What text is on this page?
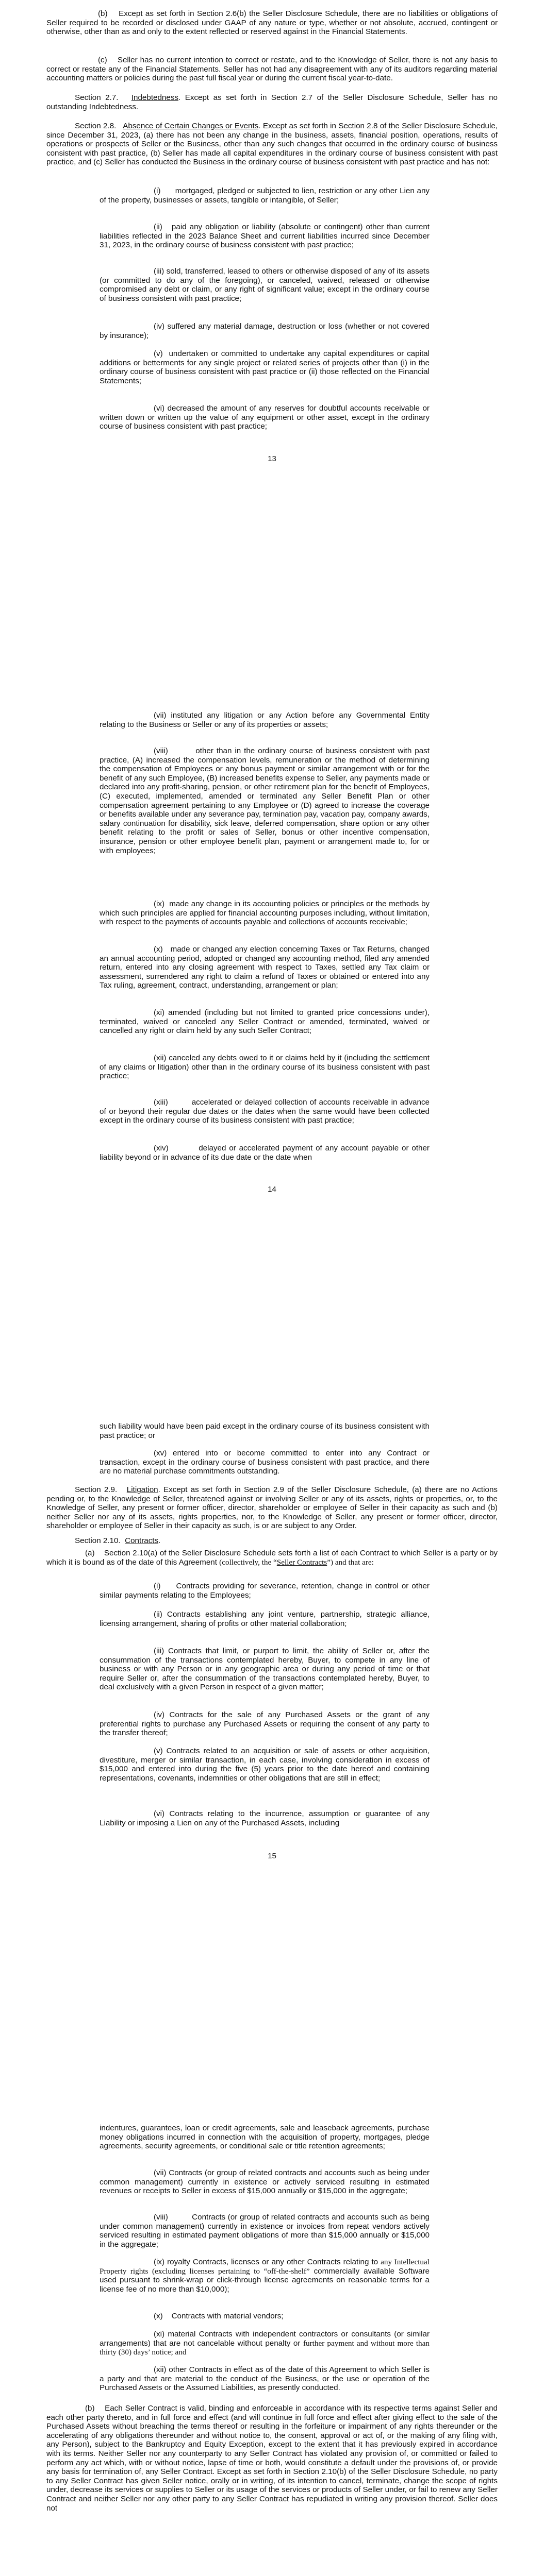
(b)    Except as set forth in Section 2.6(b) the Seller Disclosure Schedule, there are no liabilities or obligations of Seller required to be recorded or disclosed under GAAP of any nature or type, whether or not absolute, accrued, contingent or otherwise, other than as and only to the extent reflected or reserved against in the Financial Statements.

(c)    Seller has no current intention to correct or restate, and to the Knowledge of Seller, there is not any basis to correct or restate any of the Financial Statements. Seller has not had any disagreement with any of its auditors regarding material accounting matters or policies during the past full fiscal year or during the current fiscal year-to-date.

Section 2.7.   Indebtedness. Except as set forth in Section 2.7 of the Seller Disclosure Schedule, Seller has no outstanding Indebtedness.

Section 2.8.   Absence of Certain Changes or Events. Except as set forth in Section 2.8 of the Seller Disclosure Schedule, since December 31, 2023, (a) there has not been any change in the business, assets, financial position, operations, results of operations or prospects of Seller or the Business, other than any such changes that occurred in the ordinary course of business consistent with past practice, (b) Seller has made all capital expenditures in the ordinary course of business consistent with past practice, and (c) Seller has conducted the Business in the ordinary course of business consistent with past practice and has not:

(i)      mortgaged, pledged or subjected to lien, restriction or any other Lien any of the property, businesses or assets, tangible or intangible, of Seller;

(ii)   paid any obligation or liability (absolute or contingent) other than current liabilities reflected in the 2023 Balance Sheet and current liabilities incurred since December 31, 2023, in the ordinary course of business consistent with past practice;

(iii) sold, transferred, leased to others or otherwise disposed of any of its assets (or committed to do any of the foregoing), or canceled, waived, released or otherwise compromised any debt or claim, or any right of significant value; except in the ordinary course of business consistent with past practice;

(iv) suffered any material damage, destruction or loss (whether or not covered by insurance);

(v)  undertaken or committed to undertake any capital expenditures or capital additions or betterments for any single project or related series of projects other than (i) in the ordinary course of business consistent with past practice or (ii) those reflected on the Financial Statements;

(vi) decreased the amount of any reserves for doubtful accounts receivable or written down or written up the value of any equipment or other asset, except in the ordinary course of business consistent with past practice;

13

(vii) instituted any litigation or any Action before any Governmental Entity relating to the Business or Seller or any of its properties or assets;

(viii)         other than in the ordinary course of business consistent with past practice, (A) increased the compensation levels, remuneration or the method of determining the compensation of Employees or any bonus payment or similar arrangement with or for the benefit of any such Employee, (B) increased benefits expense to Seller, any payments made or declared into any profit-sharing, pension, or other retirement plan for the benefit of Employees, (C) executed, implemented, amended or terminated any Seller Benefit Plan or other compensation agreement pertaining to any Employee or (D) agreed to increase the coverage or benefits available under any severance pay, termination pay, vacation pay, company awards, salary continuation for disability, sick leave, deferred compensation, share option or any other benefit relating to the profit or sales of Seller, bonus or other incentive compensation, insurance, pension or other employee benefit plan, payment or arrangement made to, for or with employees;

(ix)  made any change in its accounting policies or principles or the methods by which such principles are applied for financial accounting purposes including, without limitation, with respect to the payments of accounts payable and collections of accounts receivable;

(x)   made or changed any election concerning Taxes or Tax Returns, changed an annual accounting period, adopted or changed any accounting method, filed any amended return, entered into any closing agreement with respect to Taxes, settled any Tax claim or assessment, surrendered any right to claim a refund of Taxes or obtained or entered into any Tax ruling, agreement, contract, understanding, arrangement or plan;

(xi) amended (including but not limited to granted price concessions under), terminated, waived or canceled any Seller Contract or amended, terminated, waived or cancelled any right or claim held by any such Seller Contract;

(xii) canceled any debts owed to it or claims held by it (including the settlement of any claims or litigation) other than in the ordinary course of its business consistent with past practice;

(xiii)         accelerated or delayed collection of accounts receivable in advance of or beyond their regular due dates or the dates when the same would have been collected except in the ordinary course of its business consistent with past practice;

(xiv)          delayed or accelerated payment of any account payable or other liability beyond or in advance of its due date or the date when

14

such liability would have been paid except in the ordinary course of its business consistent with past practice; or

(xv) entered into or become committed to enter into any Contract or transaction, except in the ordinary course of business consistent with past practice, and there are no material purchase commitments outstanding.

Section 2.9.   Litigation. Except as set forth in Section 2.9 of the Seller Disclosure Schedule, (a) there are no Actions pending or, to the Knowledge of Seller, threatened against or involving Seller or any of its assets, rights or properties, or, to the Knowledge of Seller, any present or former officer, director, shareholder or employee of Seller in their capacity as such and (b) neither Seller nor any of its assets, rights properties, nor, to the Knowledge of Seller, any present or former officer, director, shareholder or employee of Seller in their capacity as such, is or are subject to any Order.

Section 2.10.  Contracts.

(a)    Section 2.10(a) of the Seller Disclosure Schedule sets forth a list of each Contract to which Seller is a party or by which it is bound as of the date of this Agreement (collectively, the “Seller Contracts”) and that are:

(i)     Contracts providing for severance, retention, change in control or other similar payments relating to the Employees;

(ii) Contracts establishing any joint venture, partnership, strategic alliance, licensing arrangement, sharing of profits or other material collaboration;

(iii) Contracts that limit, or purport to limit, the ability of Seller or, after the consummation of the transactions contemplated hereby, Buyer, to compete in any line of business or with any Person or in any geographic area or during any period of time or that require Seller or, after the consummation of the transactions contemplated hereby, Buyer, to deal exclusively with a given Person in respect of a given matter;

(iv) Contracts for the sale of any Purchased Assets or the grant of any preferential rights to purchase any Purchased Assets or requiring the consent of any party to the transfer thereof;

(v) Contracts related to an acquisition or sale of assets or other acquisition, divestiture, merger or similar transaction, in each case, involving consideration in excess of $15,000 and entered into during the five (5) years prior to the date hereof and containing representations, covenants, indemnities or other obligations that are still in effect;

(vi) Contracts relating to the incurrence, assumption or guarantee of any Liability or imposing a Lien on any of the Purchased Assets, including

15

indentures, guarantees, loan or credit agreements, sale and leaseback agreements, purchase money obligations incurred in connection with the acquisition of property, mortgages, pledge agreements, security agreements, or conditional sale or title retention agreements;

(vii) Contracts (or group of related contracts and accounts such as being under common management) currently in existence or actively serviced resulting in estimated revenues or receipts to Seller in excess of $15,000 annually or $15,000 in the aggregate;

(viii)          Contracts (or group of related contracts and accounts such as being under common management) currently in existence or invoices from repeat vendors actively serviced resulting in estimated payment obligations of more than $15,000 annually or $15,000 in the aggregate;

(ix) royalty Contracts, licenses or any other Contracts relating to any Intellectual Property rights (excluding licenses pertaining to “off-the-shelf” commercially available Software used pursuant to shrink-wrap or click-through license agreements on reasonable terms for a license fee of no more than $10,000);

(x)    Contracts with material vendors;

(xi) material Contracts with independent contractors or consultants (or similar arrangements) that are not cancelable without penalty or further payment and without more than thirty (30) days’ notice; and

(xii) other Contracts in effect as of the date of this Agreement to which Seller is a party and that are material to the conduct of the Business, or the use or operation of the Purchased Assets or the Assumed Liabilities, as presently conducted.

(b)    Each Seller Contract is valid, binding and enforceable in accordance with its respective terms against Seller and each other party thereto, and in full force and effect (and will continue in full force and effect after giving effect to the sale of the Purchased Assets without breaching the terms thereof or resulting in the forfeiture or impairment of any rights thereunder or the accelerating of any obligations thereunder and without notice to, the consent, approval or act of, or the making of any filing with, any Person), subject to the Bankruptcy and Equity Exception, except to the extent that it has previously expired in accordance with its terms. Neither Seller nor any counterparty to any Seller Contract has violated any provision of, or committed or failed to perform any act which, with or without notice, lapse of time or both, would constitute a default under the provisions of, or provide any basis for termination of, any Seller Contract. Except as set forth in Section 2.10(b) of the Seller Disclosure Schedule, no party to any Seller Contract has given Seller notice, orally or in writing, of its intention to cancel, terminate, change the scope of rights under, decrease its services or supplies to Seller or its usage of the services or products of Seller under, or fail to renew any Seller Contract and neither Seller nor any other party to any Seller Contract has repudiated in writing any provision thereof. Seller does not
